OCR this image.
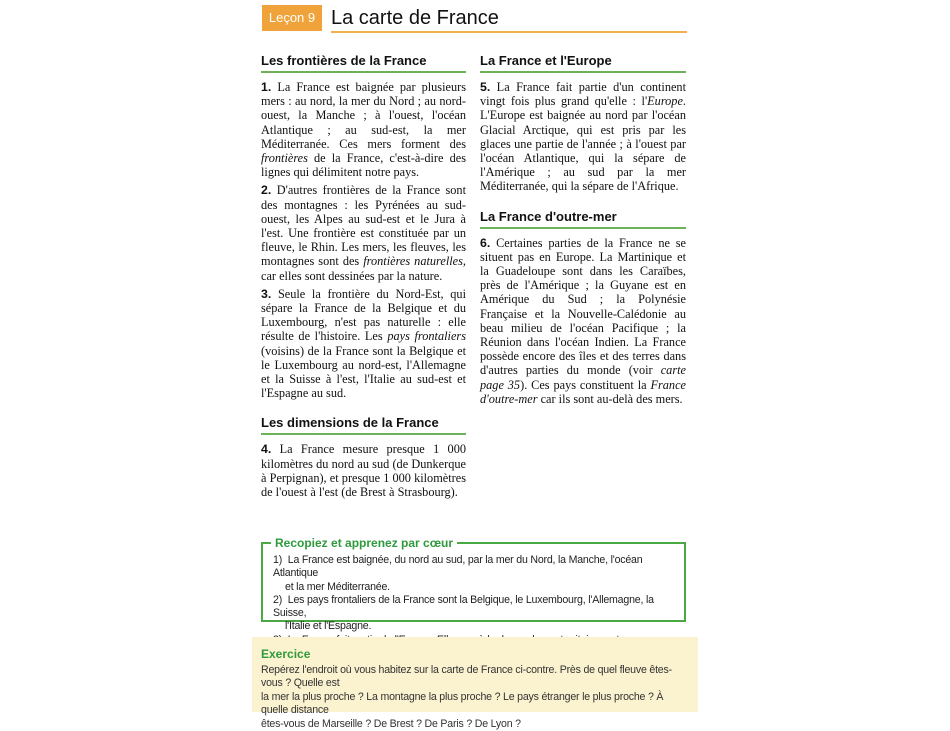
Leçon 9 La carte de France
Les frontières de la France

1. La France est baignée par plusieurs mers : au nord, la mer du Nord ; au nord-ouest, la Manche ; à l'ouest, l'océan Atlantique ; au sud-est, la mer Méditerranée. Ces mers forment des frontières de la France, c'est-à-dire des lignes qui délimitent notre pays.

2. D'autres frontières de la France sont des montagnes : les Pyrénées au sud-ouest, les Alpes au sud-est et le Jura à l'est. Une frontière est constituée par un fleuve, le Rhin. Les mers, les fleuves, les montagnes sont des frontières naturelles, car elles sont dessinées par la nature.

3. Seule la frontière du Nord-Est, qui sépare la France de la Belgique et du Luxembourg, n'est pas naturelle : elle résulte de l'histoire. Les pays frontaliers (voisins) de la France sont la Belgique et le Luxembourg au nord-est, l'Allemagne et la Suisse à l'est, l'Italie au sud-est et l'Espagne au sud.

Les dimensions de la France

4. La France mesure presque 1 000 kilomètres du nord au sud (de Dunkerque à Perpignan), et presque 1 000 kilomètres de l'ouest à l'est (de Brest à Strasbourg).

La France et l'Europe

5. La France fait partie d'un continent vingt fois plus grand qu'elle : l'Europe. L'Europe est baignée au nord par l'océan Glacial Arctique, qui est pris par les glaces une partie de l'année ; à l'ouest par l'océan Atlantique, qui la sépare de l'Amérique ; au sud par la mer Méditerranée, qui la sépare de l'Afrique.

La France d'outre-mer

6. Certaines parties de la France ne se situent pas en Europe. La Martinique et la Guadeloupe sont dans les Caraïbes, près de l'Amérique ; la Guyane est en Amérique du Sud ; la Polynésie Française et la Nouvelle-Calédonie au beau milieu de l'océan Pacifique ; la Réunion dans l'océan Indien. La France possède encore des îles et des terres dans d'autres parties du monde (voir carte page 35). Ces pays constituent la France d'outre-mer car ils sont au-delà des mers.

Recopiez et apprenez par cœur
1) La France est baignée, du nord au sud, par la mer du Nord, la Manche, l'océan Atlantique
et la mer Méditerranée.
2) Les pays frontaliers de la France sont la Belgique, le Luxembourg, l'Allemagne, la Suisse,
l'Italie et l'Espagne.
Exercice
Repérez l'endroit où vous habitez sur la carte de France ci-contre. Près de quel fleuve êtes-vous ? Quelle est
la mer la plus proche ? La montagne la plus proche ? Le pays étranger le plus proche ? À quelle distance
êtes-vous de Marseille ? De Brest ? De Paris ? De Lyon ?
